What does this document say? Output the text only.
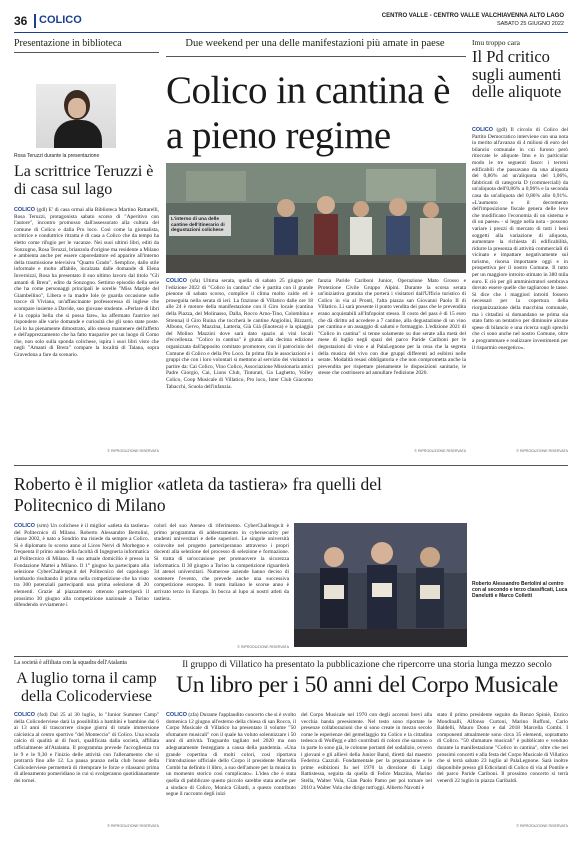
36 COLICO	CENTRO VALLE - CENTRO VALLE VALCHIAVENNA ALTO LAGO
SABATO 25 GIUGNO 2022
Presentazione in biblioteca
Rosa Teruzzi durante la presentazione
La scrittrice Teruzzi è di casa sul lago
COLICO (gdl) E' di casa ormai alla Biblioteca Martino Rattarelli, Rosa Teruzzi, protagonista sabato scorso di "Aperitivo con l'autore", incontro promosso dall'assessorato alla cultura del comune di Colico e dalla Pro loco. Così come la giornalista, scrittrice e conduttrice ritratta è di casa a Colico che da tempo ha eletto come rifugio per le vacanze. Nei suoi ultimi libri, editi da Sonzogno, Rosa Teruzzi, brianzola d'origine ma residente a Milano e ambienta anche per essere caporedattore ed apparire all'interno della trasmissione televisiva "Quarto Grado". Semplice, dallo stile informale e molto affabile, incalzata dalle domande di Elena Invernizzi, Rosa ha presentato il suo ultimo lavoro dal titolo "Gli amanti di Brera", edito da Sonzogno. Settimo episodio della serie che ha come personaggi principali le sorelle "Miss Marple del Giambellino", Libera e la madre Iole (e guarda occasione sulle tracce di Viviana, un'affascinante professoressa di inglese che scompare insieme a Davide, suo giovane studente. «Perlare di libri è la coppia bella che si possa fare», ha affermato l'autrice nel rispondere alle varie domande e curiosità che gli sono state poste. Lei lo ha pienamente dimostrato, allo stesso mantenere dell'affetto e dell'apprezzamento che ha fatto trasparire per un luogo di Como che, non solo sulla sponda colichese, ispira i suoi libri visto che negli "Amanti di Brera" compare la località di Talana, sopra Gravedona a fare da scenario.
© RIPRODUZIONE RISERVATA
Due weekend per una delle manifestazioni più amate in paese
Colico in cantina è a pieno regime
L'interno di una delle cantine dell'itinerario di degustazioni colichese
COLICO (sfa) Ultima serata, quella di sabato 25 giugno per l'edizione 2022 di "Colico in cantina" che è partita con il grande pienone di sabato scorso, complice il clima molto caldo ed è proseguita nella serata di ieri. La frazione di Villatico dalle ore 18 alle 24 è motore della manifestazione con il Giro locale (cantina della Piazza, del Molinasso, Dalla, Rocco Arno-Tino, Colombina e Strenna) il Giro Ruina che toccherà le cantine Angiolini, Bizzarri, Albono, Gervo, Mazzina, Latteria, Già Già (Enoteca) e la spiaggia del Molino Mazzini dove sarà dato spazio ai vini locali d'eccellenza. "Colico in cantina" è giunta alla decima edizione organizzata dall'apposito comitato promotore, con il patrocinio del Comune di Colico e della Pro Loco. In prima fila le associazioni e i gruppi che con i loro volontari si mettono al servizio dei visitatori a partire da: Cai Colico, Vino Colico, Associazione Missionaria amici Padre Giorgio, Cai, Lions Club, Tinturati, Ga Laghetto, Volley Colico, Coop Musicale di Villatico, Pro loco, Inter Club Giacomo Tabacchi, Scuola dell'infanzia.
fanzia Paride Cariboni Junior, Operazione Mato Grosso e Protezione Civile Gruppo Alpini. Durante la scorsa serata un'iniziativa gratuita che porterà i visitatori dall'Ufficio turistico di Colico in via al Pronti, l'alta piazza san Giovanni Paolo II di Villatico. Lì sarà presente il punto vendita dei pass che le prevendita erano acquistabili all'Infopoint stesso. Il costo del pass è di 15 euro che dà diritto ad accedere a 7 cantine, alla degustazione di un vino per cantina e un assaggio di salumi e formaggio. L'edizione 2021 di "Colico in cantina" si tenne solamente su due serate alla metà del mese di luglio negli spazi del parco Paride Cariboni per le degustazioni di vino e al PalaLegnone per la cena che la segreta della musica del vivo con due gruppi differenti ad esibirsi nelle serate. Modalità resasi obbligatoria e che non comprometta anche la prevendita per rispettare pienamente le disposizioni sanitarie, le stesse che costrinsero ad annullare l'edizione 2020.
© RIPRODUZIONE RISERVATA
Imu troppo cara
Il Pd critico sugli aumenti delle aliquote
COLICO (gdl) Il circolo di Colico del Partito Democratico interviene con una nota in merito all'avanzo di 4 milioni di euro del bilancio comunale in cui furono però ritoccate le aliquote Imu e in particolar modo le tre seguenti fasce: i terreni edificabili che passavano da una aliquota del 0,86% ad un'aliquota del 1,06%, fabbricati di categoria D (commerciali) da un'aliquota dell'0,86% a 0,96% e la seconda casa da un'aliquota del 0,86% allo 0,91%. «L'aumento o il decremento dell'imposizione fiscale genera delle leve che modificano l'economia di un sistema e di un paese» - si legge nella nota - possono variare i prezzi di mercato di tutti i beni soggetti alla variazione di aliquota, aumentare la richiesta di edificabilità, ridurre la presenza di attività commerciali di vicinato e impattare negativamente sul turismo, risorsa importante oggi e in prospettiva per il nostro Comune. Il tutto per un maggiore introito stimato in 380 mila euro. E ciò per gli amministratori sembrava dovuto essere quelle che tagliarono le tasse. Si dice che i maggiori introiti fossero necessari per la copertura della riorganizzazione della macchina comunale, ma i cittadini si domandano se prima sia stato fatto un tentativo per diminuire alcune spese di bilancio e una ricerca sugli sprechi che ci sono anche nel nostro Comune, oltre a programmare e realizzare investimenti per il risparmio energetico».
© RIPRODUZIONE RISERVATA
Roberto è il miglior «atleta da tastiera» fra quelli del Politecnico di Milano
COLICO (srm) Un colichese è il miglior «atleta da tastiera» del Politecnico di Milano. Roberto Alessandro Bertolini, classe 2002, è nato a Sondrio ma risiede da sempre a Colico. Si è diplomato lo scorso anno al Liceo Nervi di Morbegno e frequenta il primo anno della facoltà di Ingegneria informatica al Politecnico di Milano. Il suo attuale domicilio è presso la Fondazione Mattei a Milano. Il 1° giugno ha partecipato alla selezione CyberChallenge.it del Politecnico del capoluogo lombardo risultando il primo nella competizione che ha visto tra 300 potenziali partecipanti una prima selezione di 20 elementi. Grazie al piazzamento ottenuto parteciperà il prossimo 30 giugno alla competizione nazionale a Torino difendendo ovviamente i
colori del suo Ateneo di riferimento. CyberChallenge.it è primo programma di addestramento in cybersecurity per studenti universitari e delle superiori. Le singole università coinvolte nel progetto parteciperanno attraverso i propri docenti alla selezione del processo di selezione e formazione. Si tratta di un'occasione per promuovere la sicurezza informatica. Il 30 giugno a Torino la competizione riguarderà 34 atenei universitari. Numerose aziende hanno deciso di sostenere l'evento, che prevede anche una successiva competizione europea. Il team italiano le scorse anno è arrivato terzo in Europa. In bocca al lupo ai nostri atleti da tastiera.
© RIPRODUZIONE RISERVATA
Roberto Alessandro Bertolini al centro con al secondo e terzo classificati, Luca Danelutti e Marco Colletti
La società è affiliata con la squadra dell'Atalanta
A luglio torna il camp della Colicoderviese
COLICO (fsd) Dal 25 al 30 luglio, lo "Junior Summer Camp" della Colicoderviese darà la possibilità a bambini e bambine dai 6 ai 13 anni di trascorrere cinque giorni di totale immersione calcistica al centro sportivo "del Monteccio" di Colico. Una scuola calcio di qualità al di fuori, qualificata dalla società, affiliata ufficialmente all'Atalanta. Il programma prevede l'accoglienza tra le 9 e le 9,30 e l'inizio delle attività con l'allenamento che si protrarrà fino alle 12. La pausa pranzo nella club house della Colicoderviese permetterà di ritemprare le forze e rilassarsi prima di allenamento pomeridiano in cui si svolgeranno quotidianamente dei tornei.
© RIPRODUZIONE RISERVATA
Il gruppo di Villatico ha presentato la pubblicazione che ripercorre una storia lunga mezzo secolo
Un libro per i 50 anni del Corpo Musicale
COLICO (zfa) Durante l'applaudito concerto che si è svolto domenica 12 giugno all'esterno della chiesa di san Rocco, il Corpo Musicale di Villatico ha presentato il volume "50 sfumature musicali" con il quale ha voluto solennizzare i 50 anni di attività. Traguardo tagliato nel 2020 ma non adeguatamente festeggiato a causa della pandemia. «Una grande copertina di molti colori, così riportava l'introduzione ufficiale dello Corpo il presidente Marcella Combi ha definito il libro, a suo dell'amore per la musica in un momento storico così complicato». L'idea che è stata quella di pubblicare questo piccolo sarebbe stata anche per a sindaco di Colico, Monica Gilardi, a questo contributo segue il racconto degli inizi
del Corpo Musicale nel 1970 con degli accenni brevi alla vecchia banda preesistente. Nel testo sono riportate le presenze collaborazioni che si sono create in mezzo secolo come le esperienze del gemellaggio tra Colico e la cittadina tedesca di Wolfegg e altri contributi di coloro che saranno o in parte lo sono già, le colonne portanti del sodalizio, ovvero i giovani e gli allievi della Junior Band, diretti dal maestro Federica Cazzuli. Fondamentale per la preparazione e le prime esibizioni fu nel 1970 la direzione di Luigi Battistessa, seguita da quella di Felice Mazzina, Marino Stella, Walter Vola, Gian Paolo Pamo per poi tornare nel 2010 a Walter Vola che dirige tutt'oggi. Alberto Navotti è
stato il primo presidente seguito da Renzo Spiniè, Enrico Mondinalli, Alfonso Curtoni, Marino Ruffoni, Carlo Baldelli, Mauro Dono e dal 2018 Marcella Combi. I componenti attualmente sono circa 35 elementi, soprattutto di Colico. "50 sfumature musicali" è pubblicato e venduto durante la manifestazione "Colico in cantina", oltre che nei prossimi concerti e alla festa del Corpo Musicale di Villatico che si terrà sabato 23 luglio al PalaLegnone. Sarà inoltre disponibile presso gli Edicolanti di Colico di via al Pontile e del parco Paride Cariboni. Il prossimo concerto si terrà venerdì 22 luglio in piazza Garibaldi.
© RIPRODUZIONE RISERVATA
